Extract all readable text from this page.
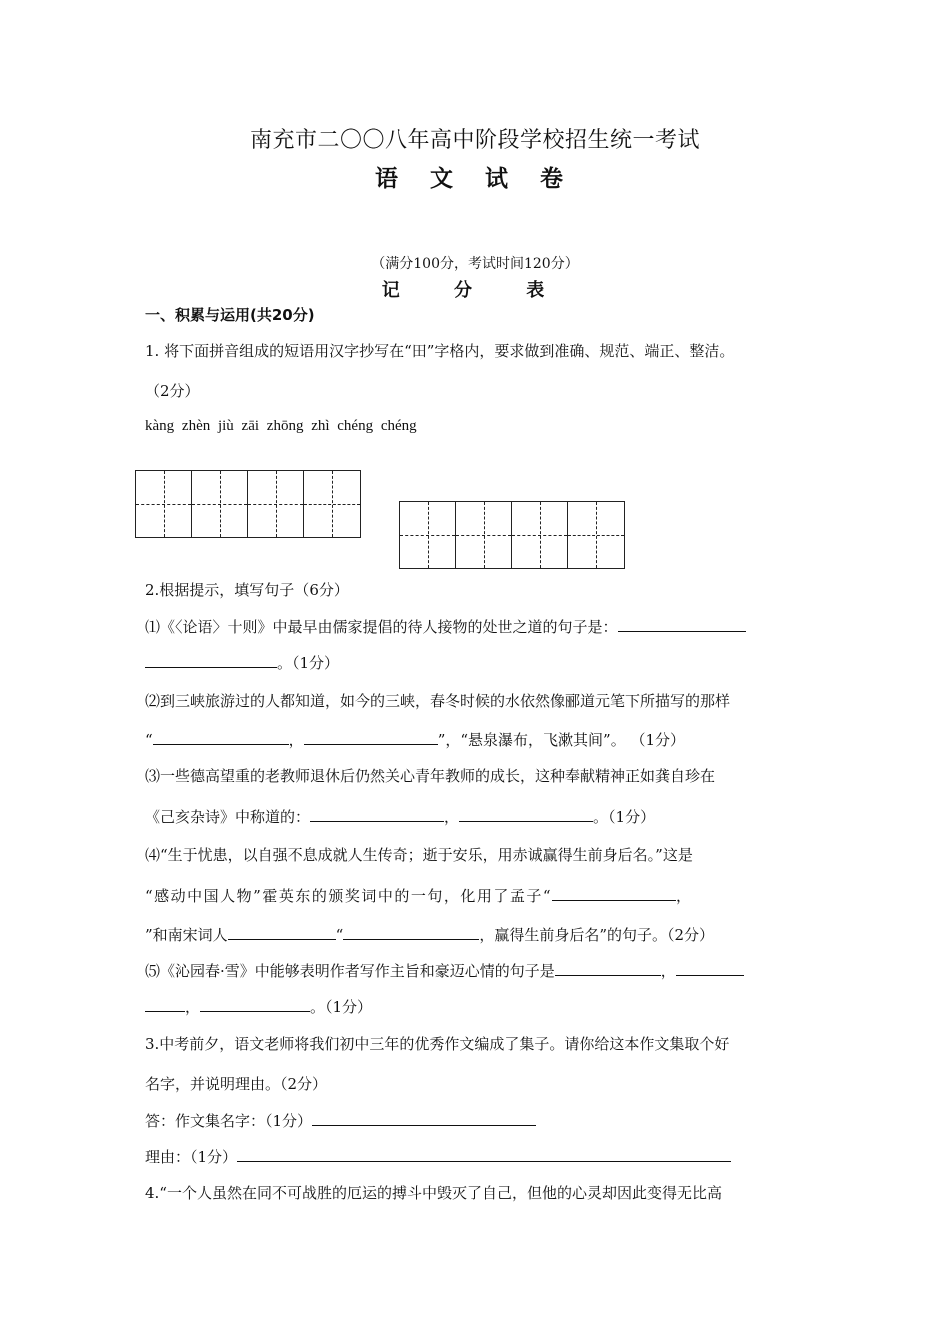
南充市二〇〇八年高中阶段学校招生统一考试
语 文 试 卷
（满分100分，考试时间120分）
记 分 表
一、积累与运用(共20分)
1. 将下面拼音组成的短语用汉字抄写在“田”字格内，要求做到准确、规范、端正、整洁。
（2分）
kàng zhèn jiù zāi zhōng zhì chéng chéng
2.根据提示，填写句子（6分）
⑴《〈论语〉十则》中最早由儒家提倡的待人接物的处世之道的句子是：
。（1分）
⑵到三峡旅游过的人都知道，如今的三峡，春冬时候的水依然像郦道元笔下所描写的那样
“	，	”，“悬泉瀑布，飞漱其间”。 （1分）
⑶一些德高望重的老教师退休后仍然关心青年教师的成长，这种奉献精神正如龚自珍在
《己亥杂诗》中称道的：	，	。（1分）
⑷“生于忧患，以自强不息成就人生传奇；逝于安乐，用赤诚赢得生前身后名。”这是
“感动中国人物”霍英东的颁奖词中的一句，化用了孟子“	，
”和南宋词人	“	，赢得生前身后名”的句子。（2分）
⑸《沁园春·雪》中能够表明作者写作主旨和豪迈心情的句子是	，
，	。（1分）
3.中考前夕，语文老师将我们初中三年的优秀作文编成了集子。请你给这本作文集取个好
名字，并说明理由。（2分）
答：作文集名字：（1分）
理由：（1分）
4.“一个人虽然在同不可战胜的厄运的搏斗中毁灭了自己，但他的心灵却因此变得无比高
